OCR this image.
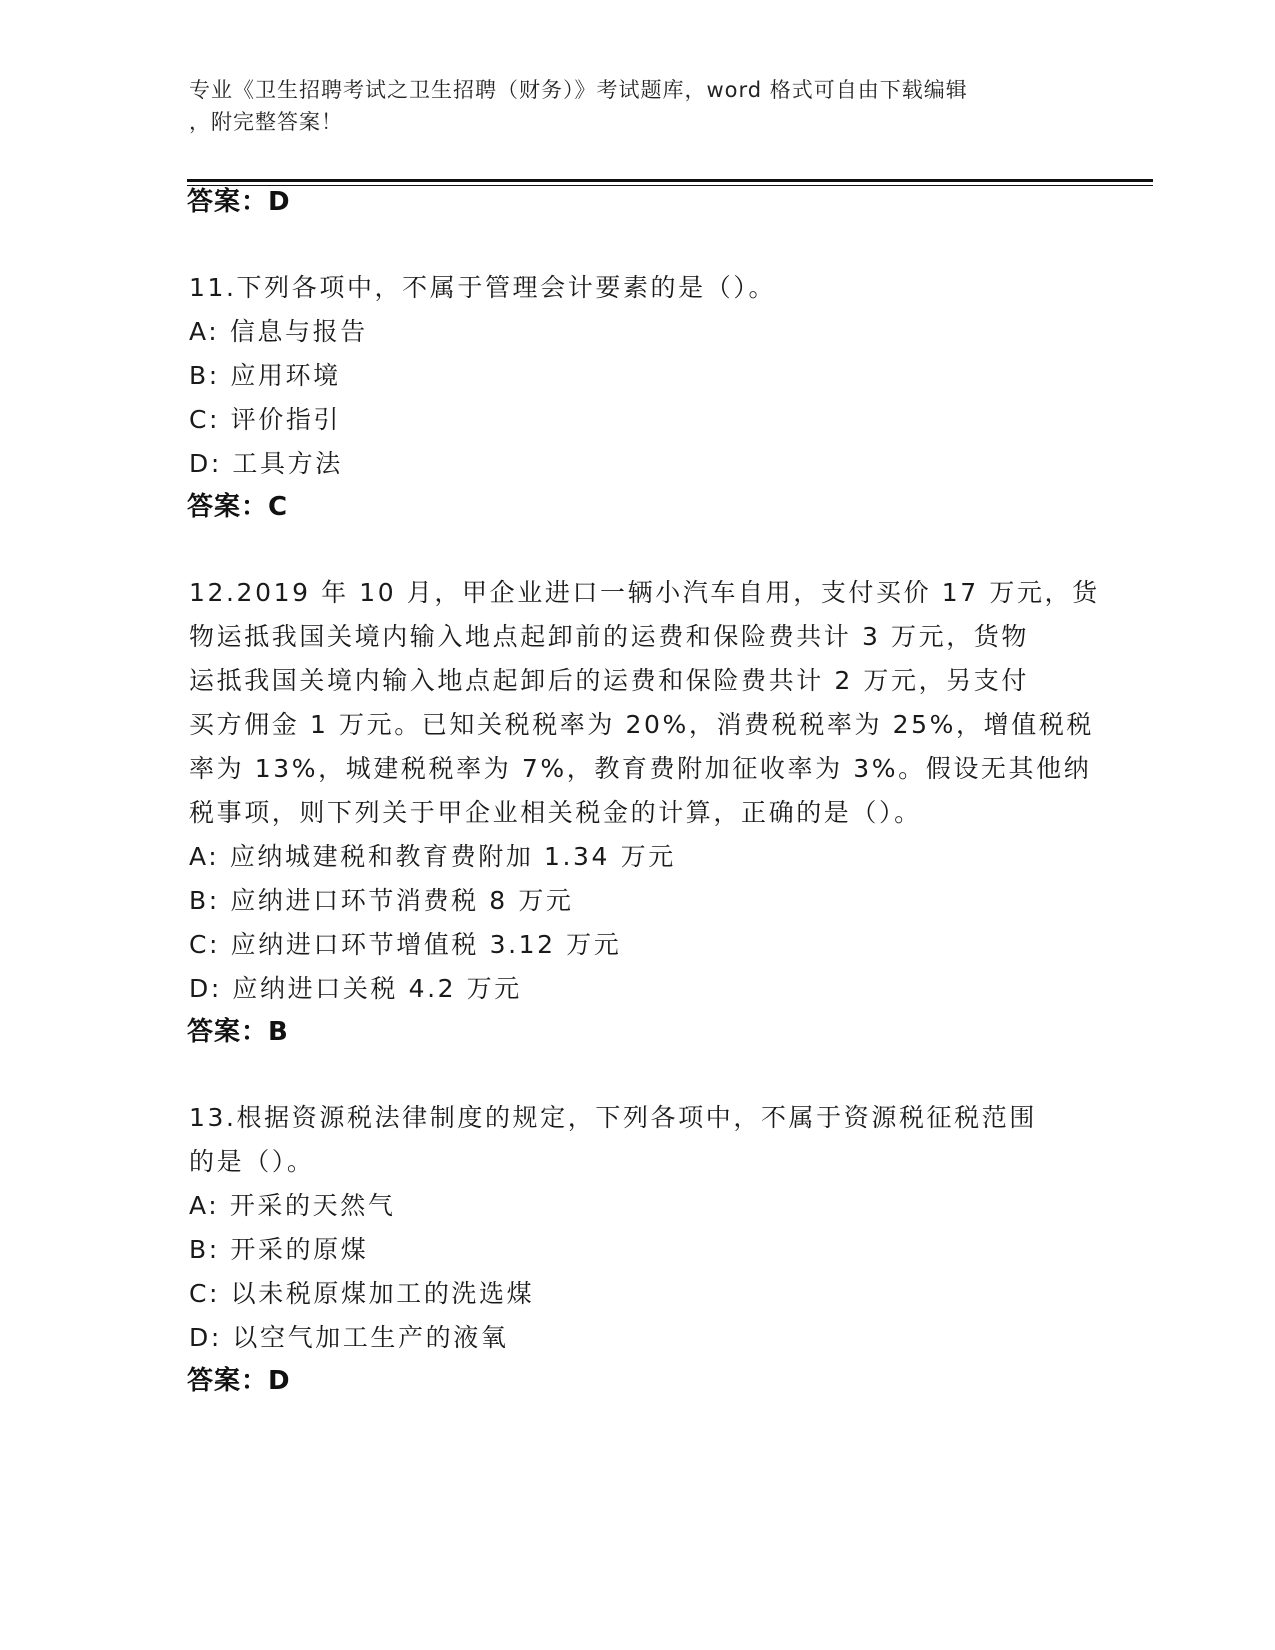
专业《卫生招聘考试之卫生招聘（财务）》考试题库，word 格式可自由下载编辑
，附完整答案！
答案：D
11.下列各项中，不属于管理会计要素的是（）。
A: 信息与报告
B: 应用环境
C: 评价指引
D: 工具方法
答案：C
12.2019 年 10 月，甲企业进口一辆小汽车自用，支付买价 17 万元，货
物运抵我国关境内输入地点起卸前的运费和保险费共计 3 万元，货物
运抵我国关境内输入地点起卸后的运费和保险费共计 2 万元，另支付
买方佣金 1 万元。已知关税税率为 20%，消费税税率为 25%，增值税税
率为 13%，城建税税率为 7%，教育费附加征收率为 3%。假设无其他纳
税事项，则下列关于甲企业相关税金的计算，正确的是（）。
A: 应纳城建税和教育费附加 1.34 万元
B: 应纳进口环节消费税 8 万元
C: 应纳进口环节增值税 3.12 万元
D: 应纳进口关税 4.2 万元
答案：B
13.根据资源税法律制度的规定，下列各项中，不属于资源税征税范围
的是（）。
A: 开采的天然气
B: 开采的原煤
C: 以未税原煤加工的洗选煤
D: 以空气加工生产的液氧
答案：D
